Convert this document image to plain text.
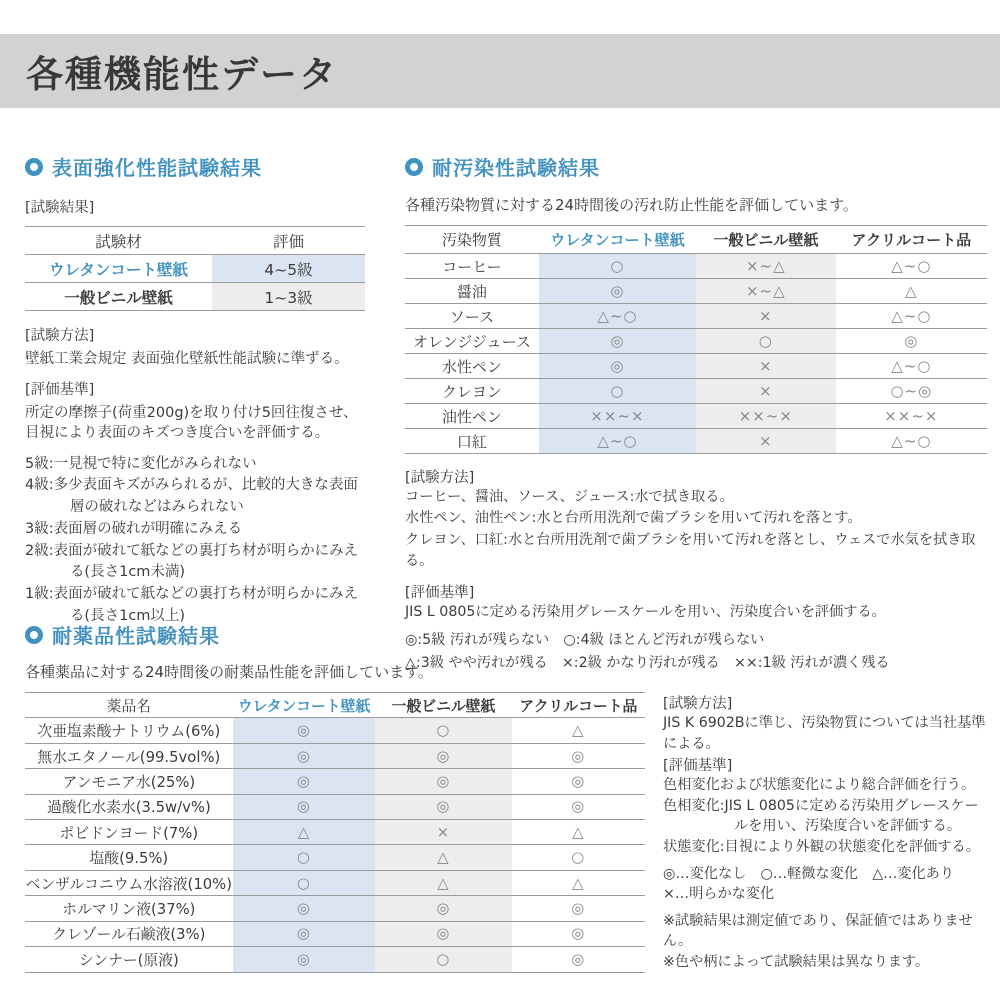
各種機能性データ
表面強化性能試験結果
[試験結果]
試験材	評価
ウレタンコート壁紙	4~5級
一般ビニル壁紙	1~3級
[試験方法]
壁紙工業会規定 表面強化壁紙性能試験に準ずる。
[評価基準]
所定の摩擦子(荷重200g)を取り付け5回往復させ、目視により表面のキズつき度合いを評価する。
5級:一見視で特に変化がみられない
4級:多少表面キズがみられるが、比較的大きな表面層の破れなどはみられない
3級:表面層の破れが明確にみえる
2級:表面が破れて紙などの裏打ち材が明らかにみえる(長さ1cm未満)
1級:表面が破れて紙などの裏打ち材が明らかにみえる(長さ1cm以上)
耐汚染性試験結果
各種汚染物質に対する24時間後の汚れ防止性能を評価しています。
汚染物質	ウレタンコート壁紙	一般ビニル壁紙	アクリルコート品
コーヒー	○	×~△	△~○
醤油	◎	×~△	△
ソース	△~○	×	△~○
オレンジジュース	◎	○	◎
水性ペン	◎	×	△~○
クレヨン	○	×	○~◎
油性ペン	××~×	××~×	××~×
口紅	△~○	×	△~○
[試験方法]
コーヒー、醤油、ソース、ジュース:水で拭き取る。
水性ペン、油性ペン:水と台所用洗剤で歯ブラシを用いて汚れを落とす。
クレヨン、口紅:水と台所用洗剤で歯ブラシを用いて汚れを落とし、ウェスで水気を拭き取る。
[評価基準]
JIS L 0805に定める汚染用グレースケールを用い、汚染度合いを評価する。
◎:5級 汚れが残らない　○:4級 ほとんど汚れが残らない
△:3級 やや汚れが残る　×:2級 かなり汚れが残る　××:1級 汚れが濃く残る
耐薬品性試験結果
各種薬品に対する24時間後の耐薬品性能を評価しています。
薬品名	ウレタンコート壁紙	一般ビニル壁紙	アクリルコート品
次亜塩素酸ナトリウム(6%)	◎	○	△
無水エタノール(99.5vol%)	◎	◎	◎
アンモニア水(25%)	◎	◎	◎
過酸化水素水(3.5w/v%)	◎	◎	◎
ポビドンヨード(7%)	△	×	△
塩酸(9.5%)	○	△	○
ベンザルコニウム水溶液(10%)	○	△	△
ホルマリン液(37%)	◎	◎	◎
クレゾール石鹸液(3%)	◎	◎	◎
シンナー(原液)	◎	○	◎
[試験方法]
JIS K 6902Bに準じ、汚染物質については当社基準による。
[評価基準]
色相変化および状態変化により総合評価を行う。
色相変化:JIS L 0805に定める汚染用グレースケールを用い、汚染度合いを評価する。
状態変化:目視により外観の状態変化を評価する。
◎…変化なし　○…軽微な変化　△…変化あり
×…明らかな変化
※試験結果は測定値であり、保証値ではありません。
※色や柄によって試験結果は異なります。
